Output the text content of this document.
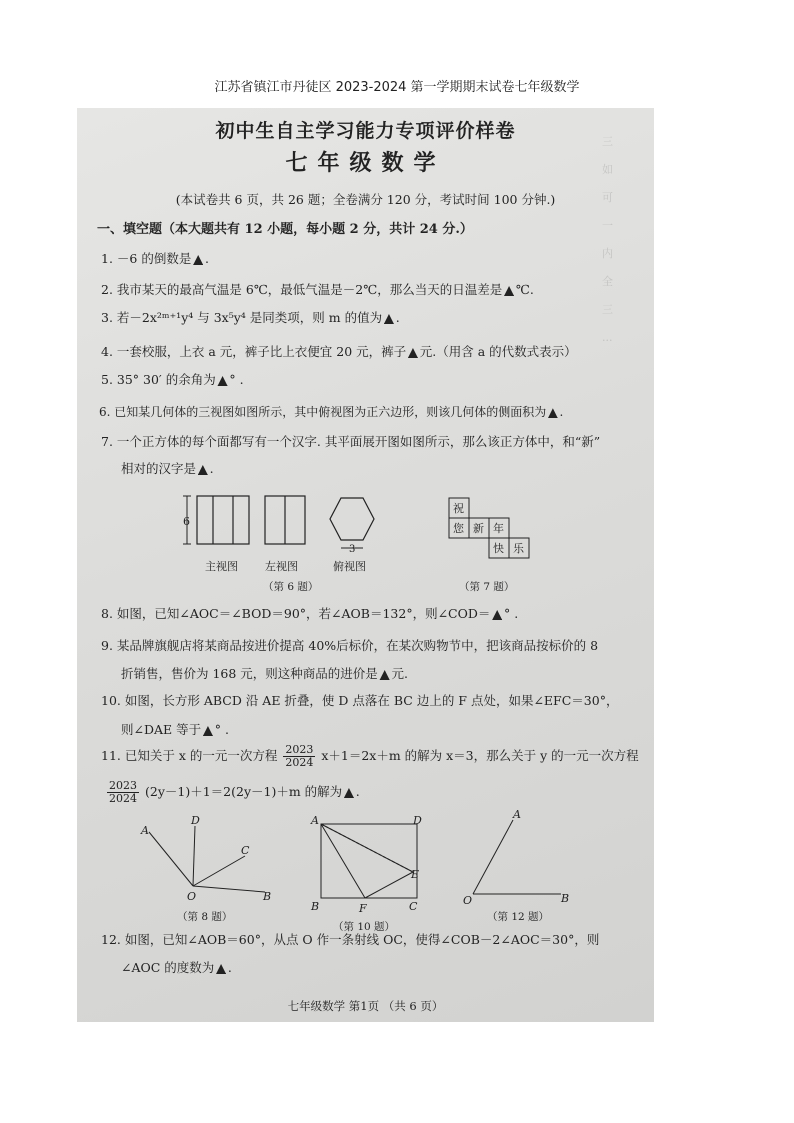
江苏省镇江市丹徒区 2023-2024 第一学期期末试卷七年级数学
三
如
可
一
内
全
三
...
初中生自主学习能力专项评价样卷
七年级数学
(本试卷共 6 页，共 26 题；全卷满分 120 分，考试时间 100 分钟.)
一、填空题（本大题共有 12 小题，每小题 2 分，共计 24 分.）
1. －6 的倒数是 ▲ .
2. 我市某天的最高气温是 6℃，最低气温是－2℃，那么当天的日温差是 ▲ ℃.
3. 若－2x²ᵐ⁺¹y⁴ 与 3x⁵y⁴ 是同类项，则 m 的值为 ▲ .
4. 一套校服，上衣 a 元，裤子比上衣便宜 20 元，裤子 ▲ 元.（用含 a 的代数式表示）
5. 35° 30′ 的余角为 ▲ ° .
6. 已知某几何体的三视图如图所示，其中俯视图为正六边形，则该几何体的侧面积为 ▲ .
7. 一个正方体的每个面都写有一个汉字. 其平面展开图如图所示，那么该正方体中，和“新”
相对的汉字是 ▲ .
6
3
主视图 左视图	俯视图
（第 6 题）
祝
您 新 年
快 乐
（第 7 题）
8. 如图，已知∠AOC＝∠BOD＝90°，若∠AOB＝132°，则∠COD＝ ▲ ° .
9. 某品牌旗舰店将某商品按进价提高 40%后标价，在某次购物节中，把该商品按标价的 8
折销售，售价为 168 元，则这种商品的进价是 ▲ 元.
10. 如图，长方形 ABCD 沿 AE 折叠，使 D 点落在 BC 边上的 F 点处，如果∠EFC＝30°，
则∠DAE 等于 ▲ ° .
11. 已知关于 x 的一元一次方程 $\frac{2023}{2024} x+1=2x+m$ 的解为 x＝3，那么关于 y 的一元一次方程
$\frac{2023}{2024} (2y-1)+1=2(2y-1)+m$ 的解为 ▲ .
A
D
C
O	B
（第 8 题）
A	D
E
B	F	C
（第 10 题）
A
O	B
（第 12 题）
12. 如图，已知∠AOB＝60°，从点 O 作一条射线 OC，使得∠COB－2∠AOC＝30°，则
∠AOC 的度数为 ▲ .
七年级数学 第1页 （共 6 页）
